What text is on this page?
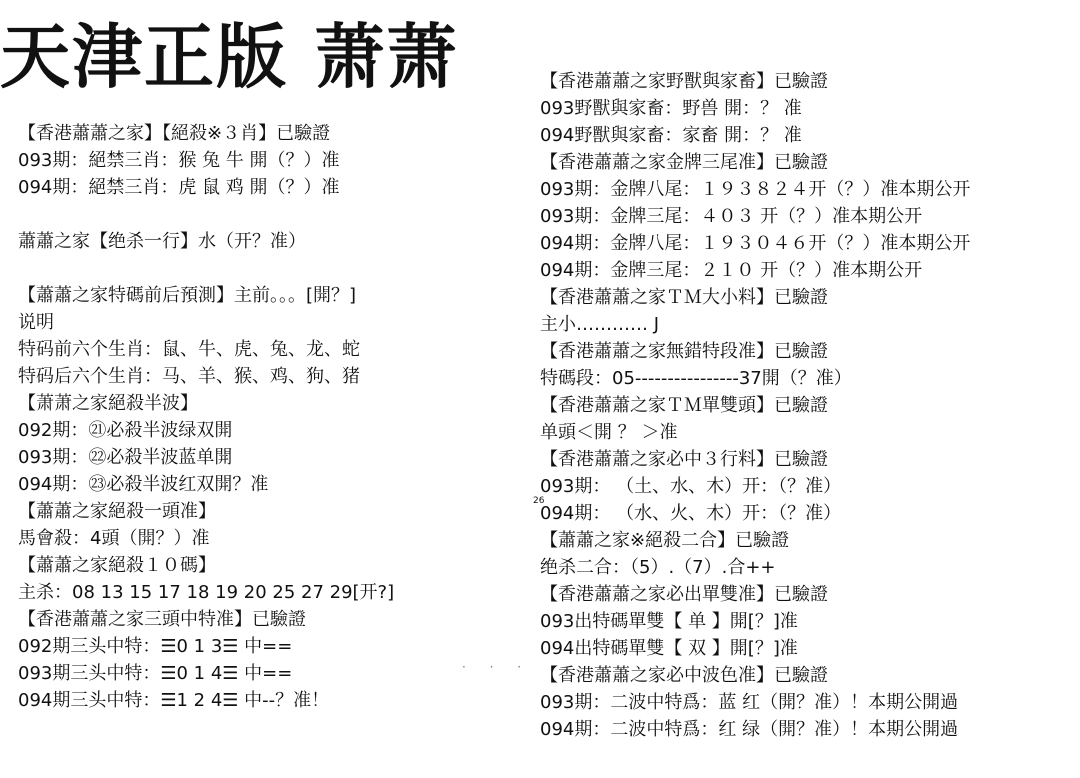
天津正版 萧萧
【香港蕭蕭之家】【絕殺※３肖】已驗證
093期：絕禁三肖：猴 兔 牛 開（？）准
094期：絕禁三肖：虎 鼠 鸡 開（？）准
蕭蕭之家【绝杀一行】水（开？准）
【蕭蕭之家特碼前后預測】主前。。。[開？]
说明
特码前六个生肖：鼠、牛、虎、兔、龙、蛇
特码后六个生肖：马、羊、猴、鸡、狗、猪
【萧萧之家絕殺半波】
092期：㉑必殺半波绿双開
093期：㉒必殺半波蓝单開
094期：㉓必殺半波红双開？准
【蕭蕭之家絕殺一頭准】
馬會殺：4頭（開？）准
【蕭蕭之家絕殺１０碼】
主杀：08 13 15 17 18 19 20 25 27 29[开?]
【香港蕭蕭之家三頭中特准】已驗證
092期三头中特：☰0 1 3☰ 中==
093期三头中特：☰0 1 4☰ 中==
094期三头中特：☰1 2 4☰ 中--？准！
【香港蕭蕭之家野獸與家畜】已驗證
093野獸與家畜：野兽 開：？ 准
094野獸與家畜：家畜 開：？ 准
【香港蕭蕭之家金牌三尾准】已驗證
093期：金牌八尾：１９３８２４开（？）准本期公开
093期：金牌三尾：４０３ 开（？）准本期公开
094期：金牌八尾：１９３０４６开（？）准本期公开
094期：金牌三尾：２１０ 开（？）准本期公开
【香港蕭蕭之家ＴＭ大小料】已驗證
主小………… J
【香港蕭蕭之家無錯特段准】已驗證
特碼段：05----------------37開（？准）
【香港蕭蕭之家ＴＭ單雙頭】已驗證
单頭＜開 ？ ＞准
【香港蕭蕭之家必中３行料】已驗證
093期： （土、水、木）开：（？准）
094期： （水、火、木）开：（？准）
【蕭蕭之家※絕殺二合】已驗證
绝杀二合：（5）.（7）.合++
【香港蕭蕭之家必出單雙准】已驗證
093出特碼單雙【 单 】開[？]准
094出特碼單雙【 双 】開[？]准
【香港蕭蕭之家必中波色准】已驗證
093期：二波中特爲：蓝 红（開？准）！本期公開過
094期：二波中特爲：红 绿（開？准）！本期公開過
26
· · ·
